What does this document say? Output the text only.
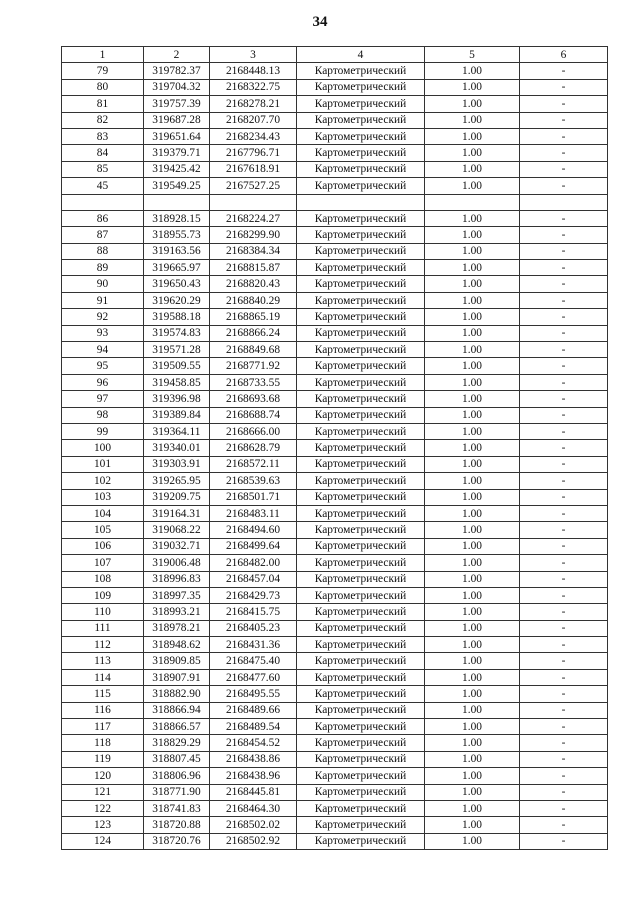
34
1	2	3	4	5	6
79	319782.37	2168448.13	Картометрический	1.00	-
80	319704.32	2168322.75	Картометрический	1.00	-
81	319757.39	2168278.21	Картометрический	1.00	-
82	319687.28	2168207.70	Картометрический	1.00	-
83	319651.64	2168234.43	Картометрический	1.00	-
84	319379.71	2167796.71	Картометрический	1.00	-
85	319425.42	2167618.91	Картометрический	1.00	-
45	319549.25	2167527.25	Картометрический	1.00	-

86	318928.15	2168224.27	Картометрический	1.00	-
87	318955.73	2168299.90	Картометрический	1.00	-
88	319163.56	2168384.34	Картометрический	1.00	-
89	319665.97	2168815.87	Картометрический	1.00	-
90	319650.43	2168820.43	Картометрический	1.00	-
91	319620.29	2168840.29	Картометрический	1.00	-
92	319588.18	2168865.19	Картометрический	1.00	-
93	319574.83	2168866.24	Картометрический	1.00	-
94	319571.28	2168849.68	Картометрический	1.00	-
95	319509.55	2168771.92	Картометрический	1.00	-
96	319458.85	2168733.55	Картометрический	1.00	-
97	319396.98	2168693.68	Картометрический	1.00	-
98	319389.84	2168688.74	Картометрический	1.00	-
99	319364.11	2168666.00	Картометрический	1.00	-
100	319340.01	2168628.79	Картометрический	1.00	-
101	319303.91	2168572.11	Картометрический	1.00	-
102	319265.95	2168539.63	Картометрический	1.00	-
103	319209.75	2168501.71	Картометрический	1.00	-
104	319164.31	2168483.11	Картометрический	1.00	-
105	319068.22	2168494.60	Картометрический	1.00	-
106	319032.71	2168499.64	Картометрический	1.00	-
107	319006.48	2168482.00	Картометрический	1.00	-
108	318996.83	2168457.04	Картометрический	1.00	-
109	318997.35	2168429.73	Картометрический	1.00	-
110	318993.21	2168415.75	Картометрический	1.00	-
111	318978.21	2168405.23	Картометрический	1.00	-
112	318948.62	2168431.36	Картометрический	1.00	-
113	318909.85	2168475.40	Картометрический	1.00	-
114	318907.91	2168477.60	Картометрический	1.00	-
115	318882.90	2168495.55	Картометрический	1.00	-
116	318866.94	2168489.66	Картометрический	1.00	-
117	318866.57	2168489.54	Картометрический	1.00	-
118	318829.29	2168454.52	Картометрический	1.00	-
119	318807.45	2168438.86	Картометрический	1.00	-
120	318806.96	2168438.96	Картометрический	1.00	-
121	318771.90	2168445.81	Картометрический	1.00	-
122	318741.83	2168464.30	Картометрический	1.00	-
123	318720.88	2168502.02	Картометрический	1.00	-
124	318720.76	2168502.92	Картометрический	1.00	-
